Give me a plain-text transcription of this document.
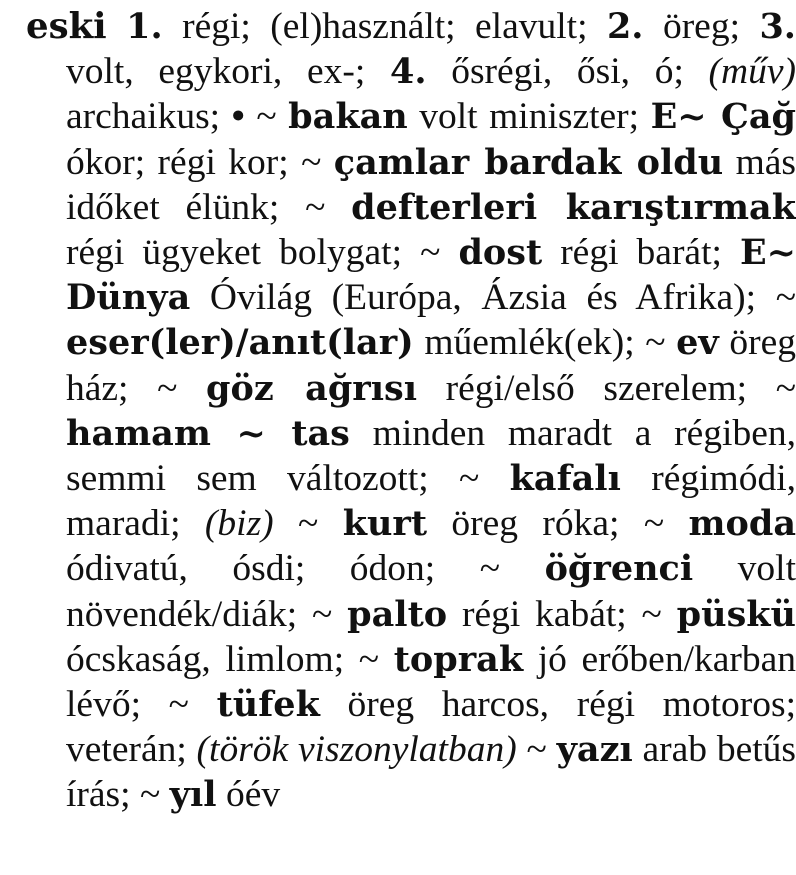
eski 1. régi; (el)használt; elavult; 2. öreg; 3. volt, egykori, ex-; 4. ősrégi, ősi, ó; (műv) archaikus; • ~ bakan volt miniszter; E~ Çağ ókor; régi kor; ~ çamlar bardak oldu más időket élünk; ~ defterleri karıştırmak régi ügyeket bolygat; ~ dost régi barát; E~ Dünya Óvilág (Európa, Ázsia és Afrika); ~ eser(ler)/anıt(lar) műemlék(ek); ~ ev öreg ház; ~ göz ağrısı régi/első szerelem; ~ hamam ~ tas minden maradt a régiben, semmi sem változott; ~ kafalı régimódi, maradi; (biz) ~ kurt öreg róka; ~ moda ódivatú, ósdi; ódon; ~ öğrenci volt növendék/diák; ~ palto régi kabát; ~ püskü ócskaság, limlom; ~ toprak jó erőben/karban lévő; ~ tüfek öreg harcos, régi motoros; veterán; (török viszonylatban) ~ yazı arab betűs írás; ~ yıl óév
